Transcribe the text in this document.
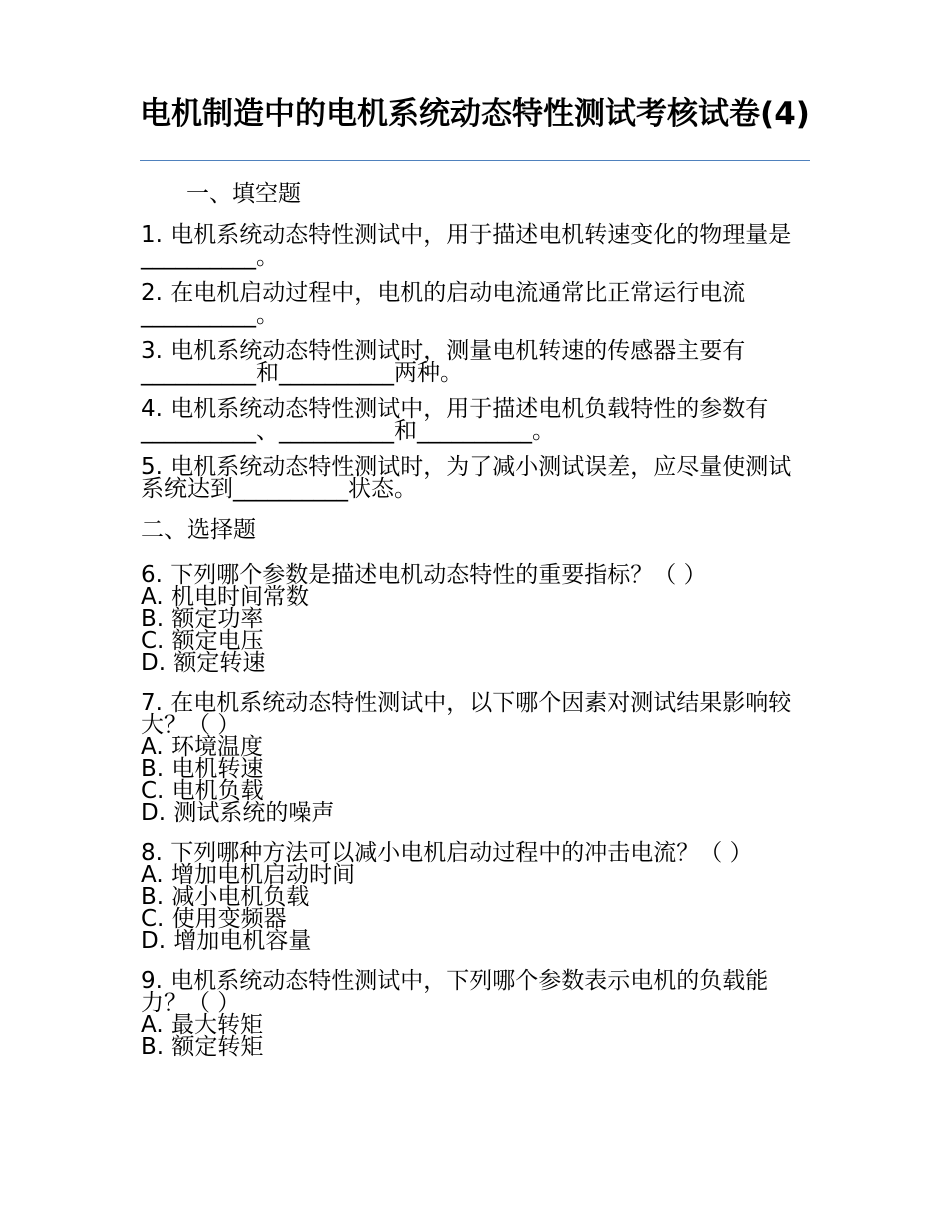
电机制造中的电机系统动态特性测试考核试卷(4)

一、填空题

1. 电机系统动态特性测试中，用于描述电机转速变化的物理量是__________。

2. 在电机启动过程中，电机的启动电流通常比正常运行电流__________。

3. 电机系统动态特性测试时，测量电机转速的传感器主要有__________和__________两种。

4. 电机系统动态特性测试中，用于描述电机负载特性的参数有__________、__________和__________。

5. 电机系统动态特性测试时，为了减小测试误差，应尽量使测试系统达到__________状态。

二、选择题

6. 下列哪个参数是描述电机动态特性的重要指标？（ ）
A. 机电时间常数
B. 额定功率
C. 额定电压
D. 额定转速
7. 在电机系统动态特性测试中，以下哪个因素对测试结果影响较大？（ ）
A. 环境温度
B. 电机转速
C. 电机负载
D. 测试系统的噪声
8. 下列哪种方法可以减小电机启动过程中的冲击电流？（ ）
A. 增加电机启动时间
B. 减小电机负载
C. 使用变频器
D. 增加电机容量
9. 电机系统动态特性测试中，下列哪个参数表示电机的负载能力？（ ）
A. 最大转矩
B. 额定转矩
